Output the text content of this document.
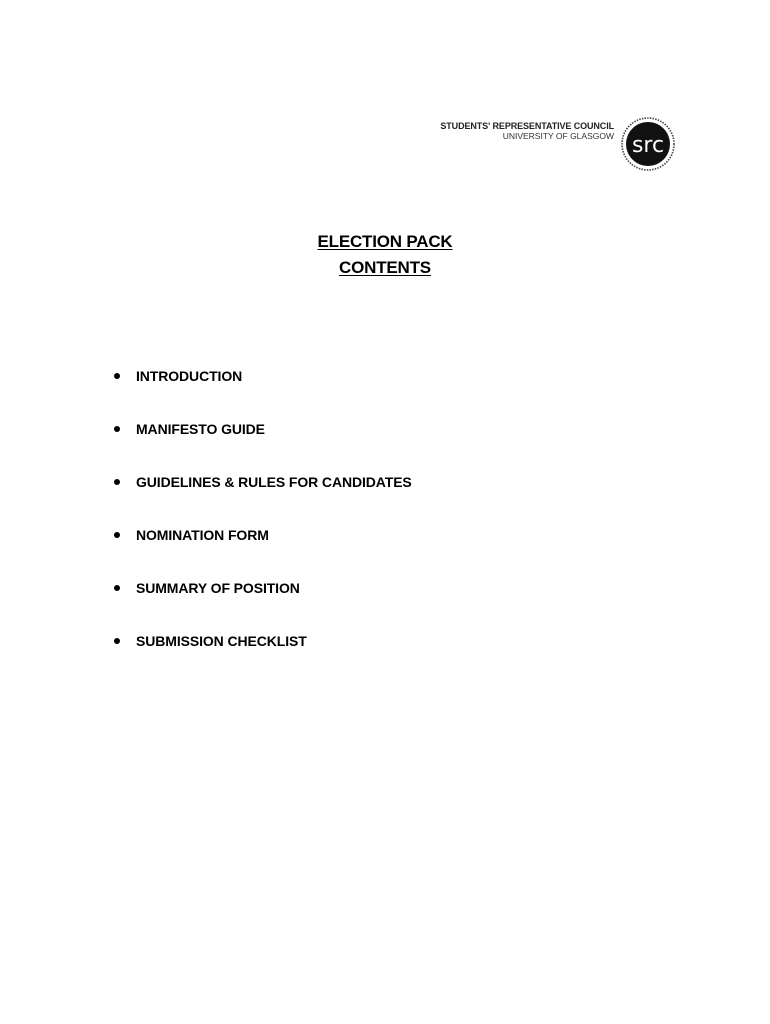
STUDENTS' REPRESENTATIVE COUNCIL
UNIVERSITY OF GLASGOW src
ELECTION PACK
CONTENTS
INTRODUCTION
MANIFESTO GUIDE
GUIDELINES & RULES FOR CANDIDATES
NOMINATION FORM
SUMMARY OF POSITION
SUBMISSION CHECKLIST
